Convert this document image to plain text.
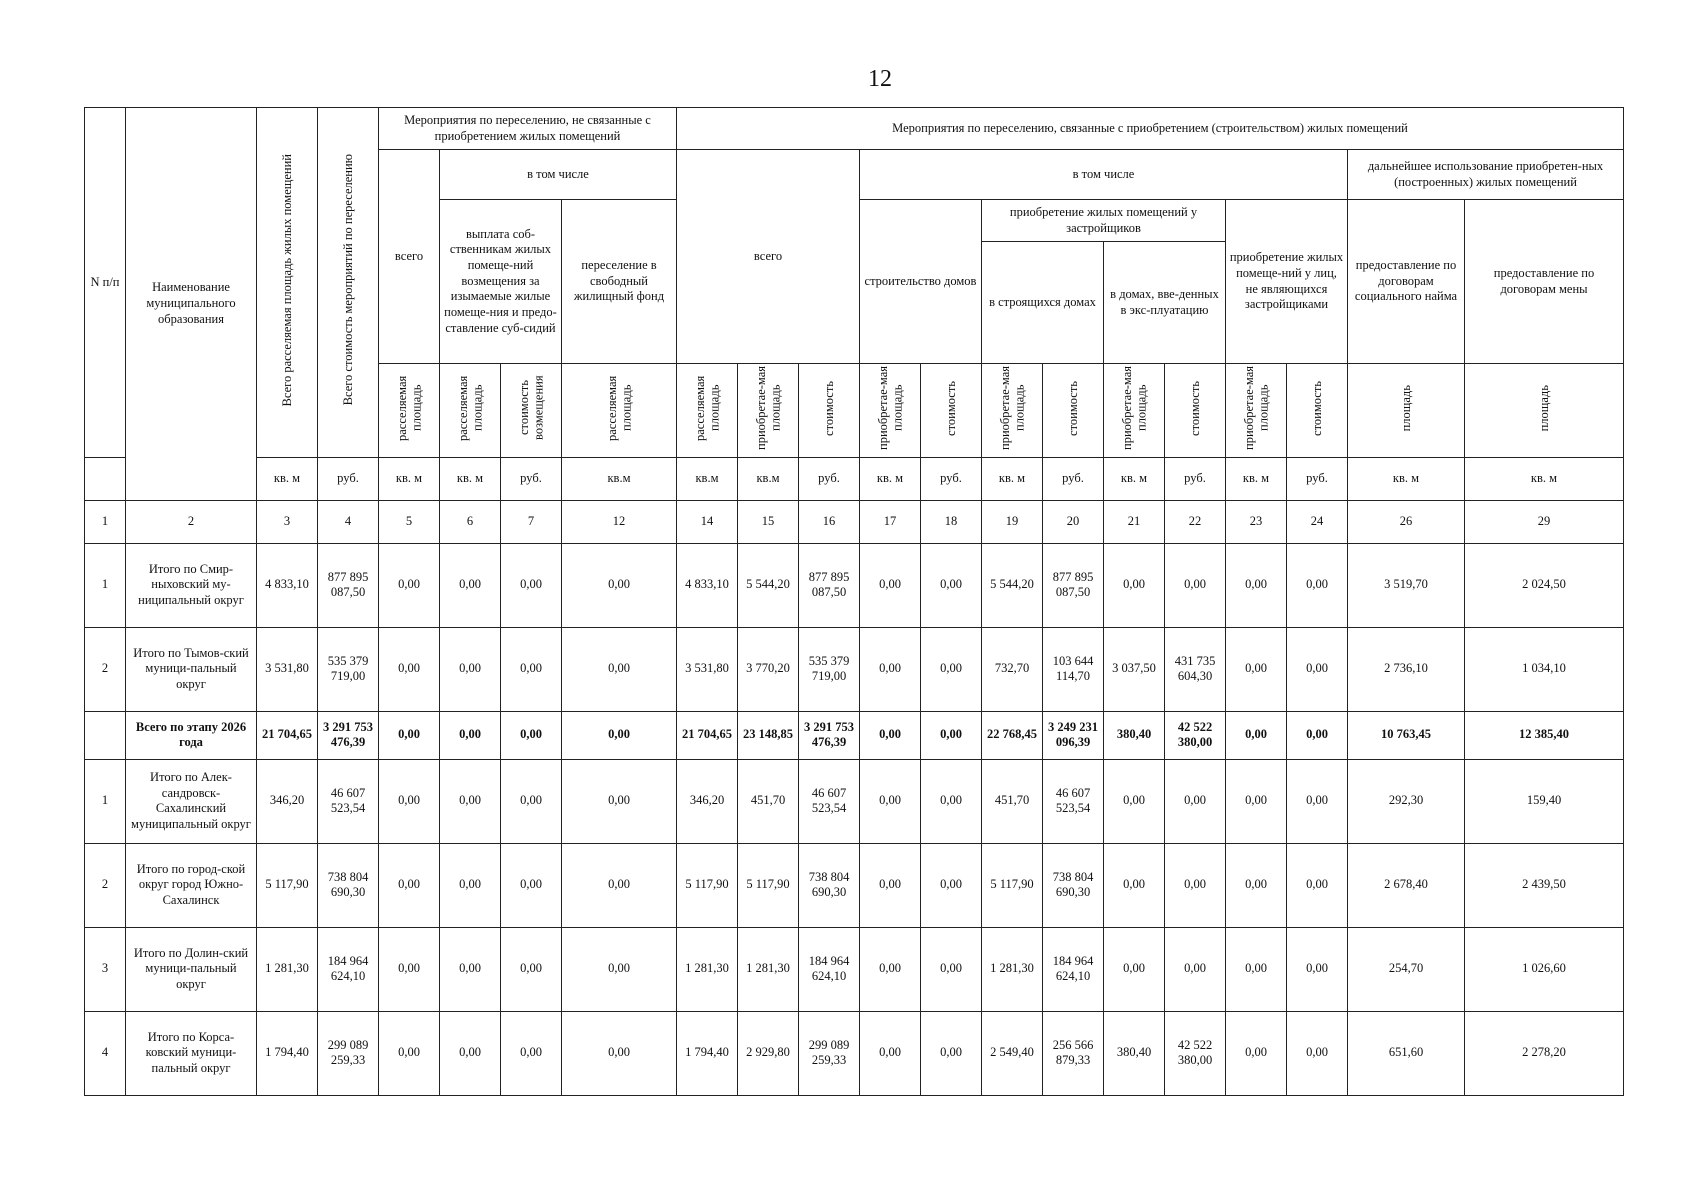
12
N п/п	Наименование муниципального образования	Всего расселяемая площадь жилых помещений	Всего стоимость мероприятий по переселению	Мероприятия по переселению, не связанные с приобретением жилых помещений				Мероприятия по переселению, связанные с приобретением (строительством) жилых помещений												
				всего	в том числе			всего			в том числе								дальнейшее использование приобретен-ных (построенных) жилых помещений	
					выплата соб-ственникам жилых помеще-ний возмещения за изымаемые жилые помеще-ния и предо-ставление суб-сидий		переселение в свободный жилищный фонд				строительство домов		приобретение жилых помещений у застройщиков				приобретение жилых помеще-ний у лиц, не являющихся застройщиками		предоставление по договорам социального найма	предоставление по договорам мены
													в строящихся домах		в домах, вве-денных в экс-плуатацию					
				расселяемая площадь	расселяемая площадь	стоимость возмещения	расселяемая площадь	расселяемая площадь	приобретае-мая площадь	стоимость	приобретае-мая площадь	стоимость	приобретае-мая площадь	стоимость	приобретае-мая площадь	стоимость	приобретае-мая площадь	стоимость	площадь	площадь
		кв. м	руб.	кв. м	кв. м	руб.	кв.м	кв.м	кв.м	руб.	кв. м	руб.	кв. м	руб.	кв. м	руб.	кв. м	руб.	кв. м	кв. м
1	2	3	4	5	6	7	12	14	15	16	17	18	19	20	21	22	23	24	26	29
1	Итого по Смир-ныховский му-ниципальный округ	4 833,10	877 895 087,50	0,00	0,00	0,00	0,00	4 833,10	5 544,20	877 895 087,50	0,00	0,00	5 544,20	877 895 087,50	0,00	0,00	0,00	0,00	3 519,70	2 024,50
2	Итого по Тымов-ский муници-пальный округ	3 531,80	535 379 719,00	0,00	0,00	0,00	0,00	3 531,80	3 770,20	535 379 719,00	0,00	0,00	732,70	103 644 114,70	3 037,50	431 735 604,30	0,00	0,00	2 736,10	1 034,10
	Всего по этапу 2026 года	21 704,65	3 291 753 476,39	0,00	0,00	0,00	0,00	21 704,65	23 148,85	3 291 753 476,39	0,00	0,00	22 768,45	3 249 231 096,39	380,40	42 522 380,00	0,00	0,00	10 763,45	12 385,40
1	Итого по Алек-сандровск-Сахалинский муниципальный округ	346,20	46 607 523,54	0,00	0,00	0,00	0,00	346,20	451,70	46 607 523,54	0,00	0,00	451,70	46 607 523,54	0,00	0,00	0,00	0,00	292,30	159,40
2	Итого по город-ской округ город Южно-Сахалинск	5 117,90	738 804 690,30	0,00	0,00	0,00	0,00	5 117,90	5 117,90	738 804 690,30	0,00	0,00	5 117,90	738 804 690,30	0,00	0,00	0,00	0,00	2 678,40	2 439,50
3	Итого по Долин-ский муници-пальный округ	1 281,30	184 964 624,10	0,00	0,00	0,00	0,00	1 281,30	1 281,30	184 964 624,10	0,00	0,00	1 281,30	184 964 624,10	0,00	0,00	0,00	0,00	254,70	1 026,60
4	Итого по Корса-ковский муници-пальный округ	1 794,40	299 089 259,33	0,00	0,00	0,00	0,00	1 794,40	2 929,80	299 089 259,33	0,00	0,00	2 549,40	256 566 879,33	380,40	42 522 380,00	0,00	0,00	651,60	2 278,20
